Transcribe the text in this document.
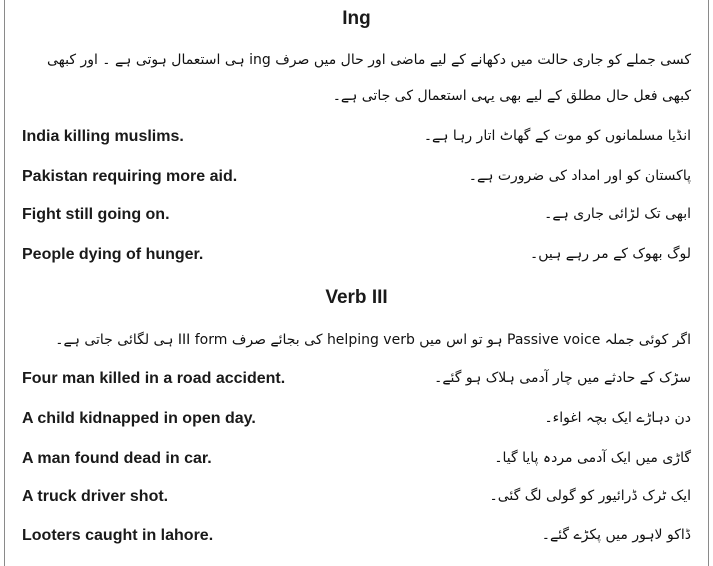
Ing
کسی جملے کو جاری حالت میں دکھانے کے لیے ماضی اور حال میں صرف ing ہی استعمال ہوتی ہے ۔ اور کبھی کبھی فعل حال مطلق کے لیے بھی یہی استعمال کی جاتی ہے۔
India killing muslims.	انڈیا مسلمانوں کو موت کے گھاٹ اتار رہا ہے۔
Pakistan requiring more aid.	پاکستان کو اور امداد کی ضرورت ہے۔
Fight still going on.	ابھی تک لڑائی جاری ہے۔
People dying of hunger.	لوگ بھوک کے مر رہے ہیں۔
Verb III
اگر کوئی جملہ Passive voice ہو تو اس میں helping verb کی بجائے صرف III form ہی لگائی جاتی ہے۔
Four man killed in a road accident.	سڑک کے حادثے میں چار آدمی ہلاک ہو گئے۔
A child kidnapped in open day.	دن دہاڑے ایک بچہ اغواء۔
A man found dead in car.	گاڑی میں ایک آدمی مردہ پایا گیا۔
A truck driver shot.	ایک ٹرک ڈرائیور کو گولی لگ گئی۔
Looters caught in lahore.	ڈاکو لاہور میں پکڑے گئے۔
